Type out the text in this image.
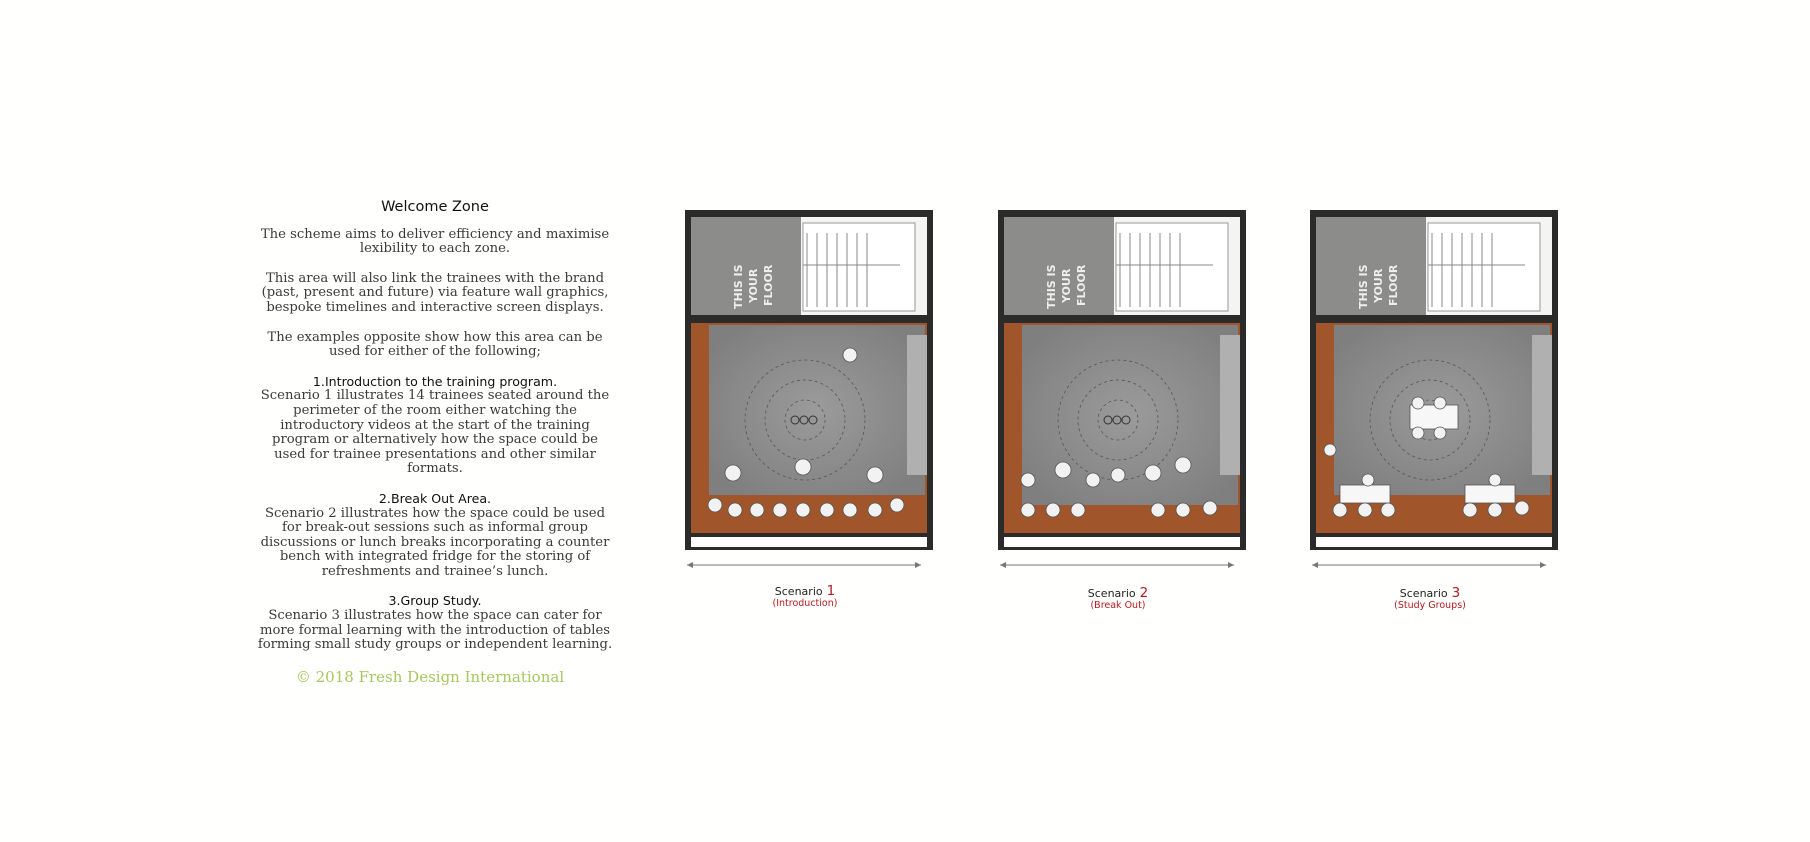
Welcome Zone

The scheme aims to deliver efficiency and maximise lexibility to each zone.

This area will also link the trainees with the brand (past, present and future) via feature wall graphics, bespoke timelines and interactive screen displays.

The examples opposite show how this area can be used for either of the following;

1.Introduction to the training program.
Scenario 1 illustrates 14 trainees seated around the perimeter of the room either watching the introductory videos at the start of the training program or alternatively how the space could be used for trainee presentations and other similar formats.
2.Break Out Area.
Scenario 2 illustrates how the space could be used for break-out sessions such as informal group discussions or lunch breaks incorporating a counter bench with integrated fridge for the storing of refreshments and trainee’s lunch.
3.Group Study.
Scenario 3 illustrates how the space can cater for more formal learning with the introduction of tables forming small study groups or independent learning.
© 2018 Fresh Design International
THIS IS YOUR FLOOR
Scenario 1
(Introduction)
THIS IS YOUR FLOOR
Scenario 2
(Break Out)
THIS IS YOUR FLOOR
Scenario 3
(Study Groups)
